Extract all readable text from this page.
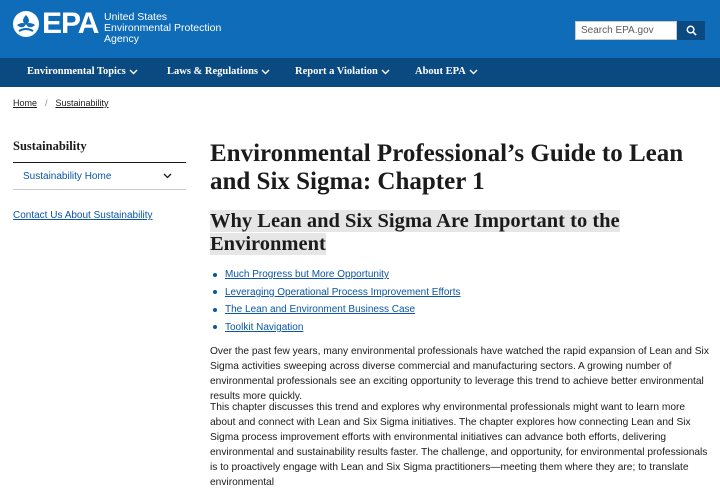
EPA United States
Environmental Protection
Agency
Search EPA.gov
Environmental Topics	Laws & Regulations	Report a Violation	About EPA
Home / Sustainability
Sustainability
Sustainability Home
Contact Us About Sustainability
Environmental Professional’s Guide to Lean and Six Sigma: Chapter 1
Why Lean and Six Sigma Are Important to the Environment
Much Progress but More Opportunity
Leveraging Operational Process Improvement Efforts
The Lean and Environment Business Case
Toolkit Navigation

Over the past few years, many environmental professionals have watched the rapid expansion of Lean and Six Sigma activities sweeping across diverse commercial and manufacturing sectors. A growing number of environmental professionals see an exciting opportunity to leverage this trend to achieve better environmental results more quickly.

This chapter discusses this trend and explores why environmental professionals might want to learn more about and connect with Lean and Six Sigma initiatives. The chapter explores how connecting Lean and Six Sigma process improvement efforts with environmental initiatives can advance both efforts, delivering environmental and sustainability results faster. The challenge, and opportunity, for environmental professionals is to proactively engage with Lean and Six Sigma practitioners—meeting them where they are; to translate environmental
